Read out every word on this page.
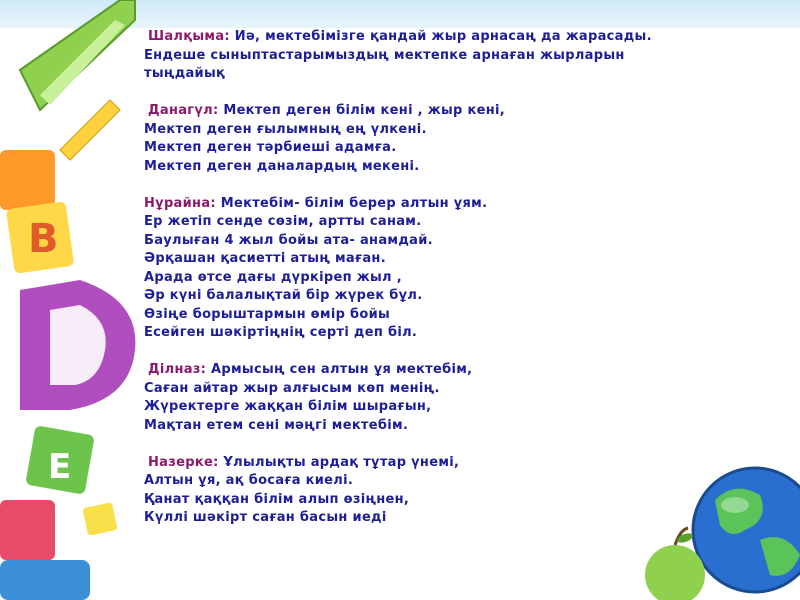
B
E
Шалқыма: Иә, мектебімізге қандай жыр арнасаң да жарасады.
Ендеше сыныптастарымыздың мектепке арнаған жырларын
тыңдайық
Данагүл: Мектеп деген білім кені , жыр кені,
Мектеп деген ғылымның ең үлкені.
Мектеп деген тәрбиеші адамға.
Мектеп деген даналардың мекені.
Нұрайна: Мектебім- білім берер алтын ұям.
Ер жетіп сенде сөзім, артты санам.
Баулыған 4 жыл бойы ата- анамдай.
Әрқашан қасиетті атың маған.
Арада өтсе дағы дүркіреп жыл ,
Әр күні балалықтай бір жүрек бұл.
Өзіңе борыштармын өмір бойы
Есейген шәкіртіңнің серті деп біл.
Ділназ: Армысың сен алтын ұя мектебім,
Саған айтар жыр алғысым көп менің.
Жүректерге жаққан білім шырағын,
Мақтан етем сені мәңгі мектебім.
Назерке: Ұлылықты ардақ тұтар үнемі,
Алтын ұя, ақ босаға киелі.
Қанат қаққан білім алып өзіңнен,
Күллі шәкірт саған басын иеді
